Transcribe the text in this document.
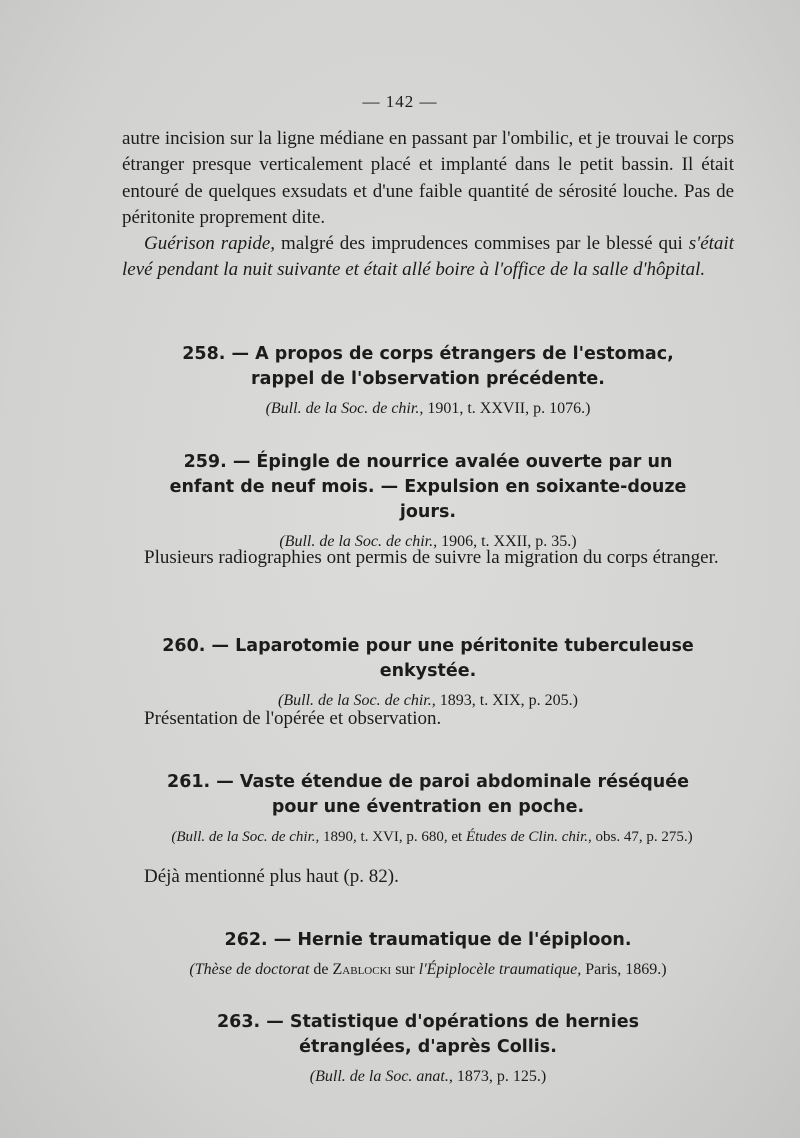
— 142 —

autre incision sur la ligne médiane en passant par l'ombilic, et je trouvai le corps étranger presque verticalement placé et implanté dans le petit bassin. Il était entouré de quelques exsudats et d'une faible quantité de sérosité louche. Pas de péritonite proprement dite.

Guérison rapide, malgré des imprudences commises par le blessé qui s'était levé pendant la nuit suivante et était allé boire à l'office de la salle d'hôpital.

258. — A propos de corps étrangers de l'estomac, rappel de l'observation précédente.

(Bull. de la Soc. de chir., 1901, t. XXVII, p. 1076.)

259. — Épingle de nourrice avalée ouverte par un enfant de neuf mois. — Expulsion en soixante-douze jours.

(Bull. de la Soc. de chir., 1906, t. XXII, p. 35.)

Plusieurs radiographies ont permis de suivre la migration du corps étranger.

260. — Laparotomie pour une péritonite tuberculeuse enkystée.

(Bull. de la Soc. de chir., 1893, t. XIX, p. 205.)

Présentation de l'opérée et observation.

261. — Vaste étendue de paroi abdominale réséquée pour une éventration en poche.

(Bull. de la Soc. de chir., 1890, t. XVI, p. 680, et Études de Clin. chir., obs. 47, p. 275.)

Déjà mentionné plus haut (p. 82).

262. — Hernie traumatique de l'épiploon.

(Thèse de doctorat de Zablocki sur l'Épiplocèle traumatique, Paris, 1869.)

263. — Statistique d'opérations de hernies étranglées, d'après Collis.

(Bull. de la Soc. anat., 1873, p. 125.)
